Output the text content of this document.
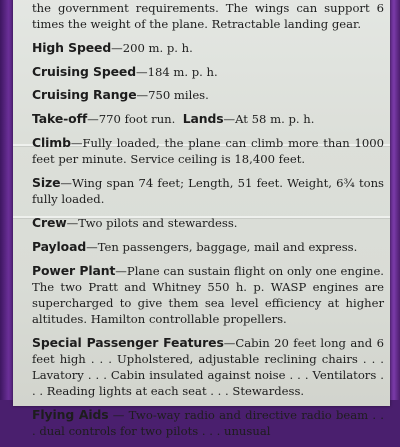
the government requirements. The wings can support 6 times the weight of the plane. Retractable landing gear.

High Speed—200 m. p. h.

Cruising Speed—184 m. p. h.

Cruising Range—750 miles.

Take-off—770 foot run. Lands—At 58 m. p. h.

Climb—Fully loaded, the plane can climb more than 1000 feet per minute. Service ceiling is 18,400 feet.

Size—Wing span 74 feet; Length, 51 feet. Weight, 6¾ tons fully loaded.

Crew—Two pilots and stewardess.

Payload—Ten passengers, baggage, mail and express.

Power Plant—Plane can sustain flight on only one engine. The two Pratt and Whitney 550 h. p. WASP engines are supercharged to give them sea level efficiency at higher altitudes. Hamilton controllable propellers.

Special Passenger Features—Cabin 20 feet long and 6 feet high . . . Upholstered, adjustable reclining chairs . . . Lavatory . . . Cabin insulated against noise . . . Ventilators . . . Reading lights at each seat . . . Stewardess.

Flying Aids — Two-way radio and directive radio beam . . . dual controls for two pilots . . . unusual
